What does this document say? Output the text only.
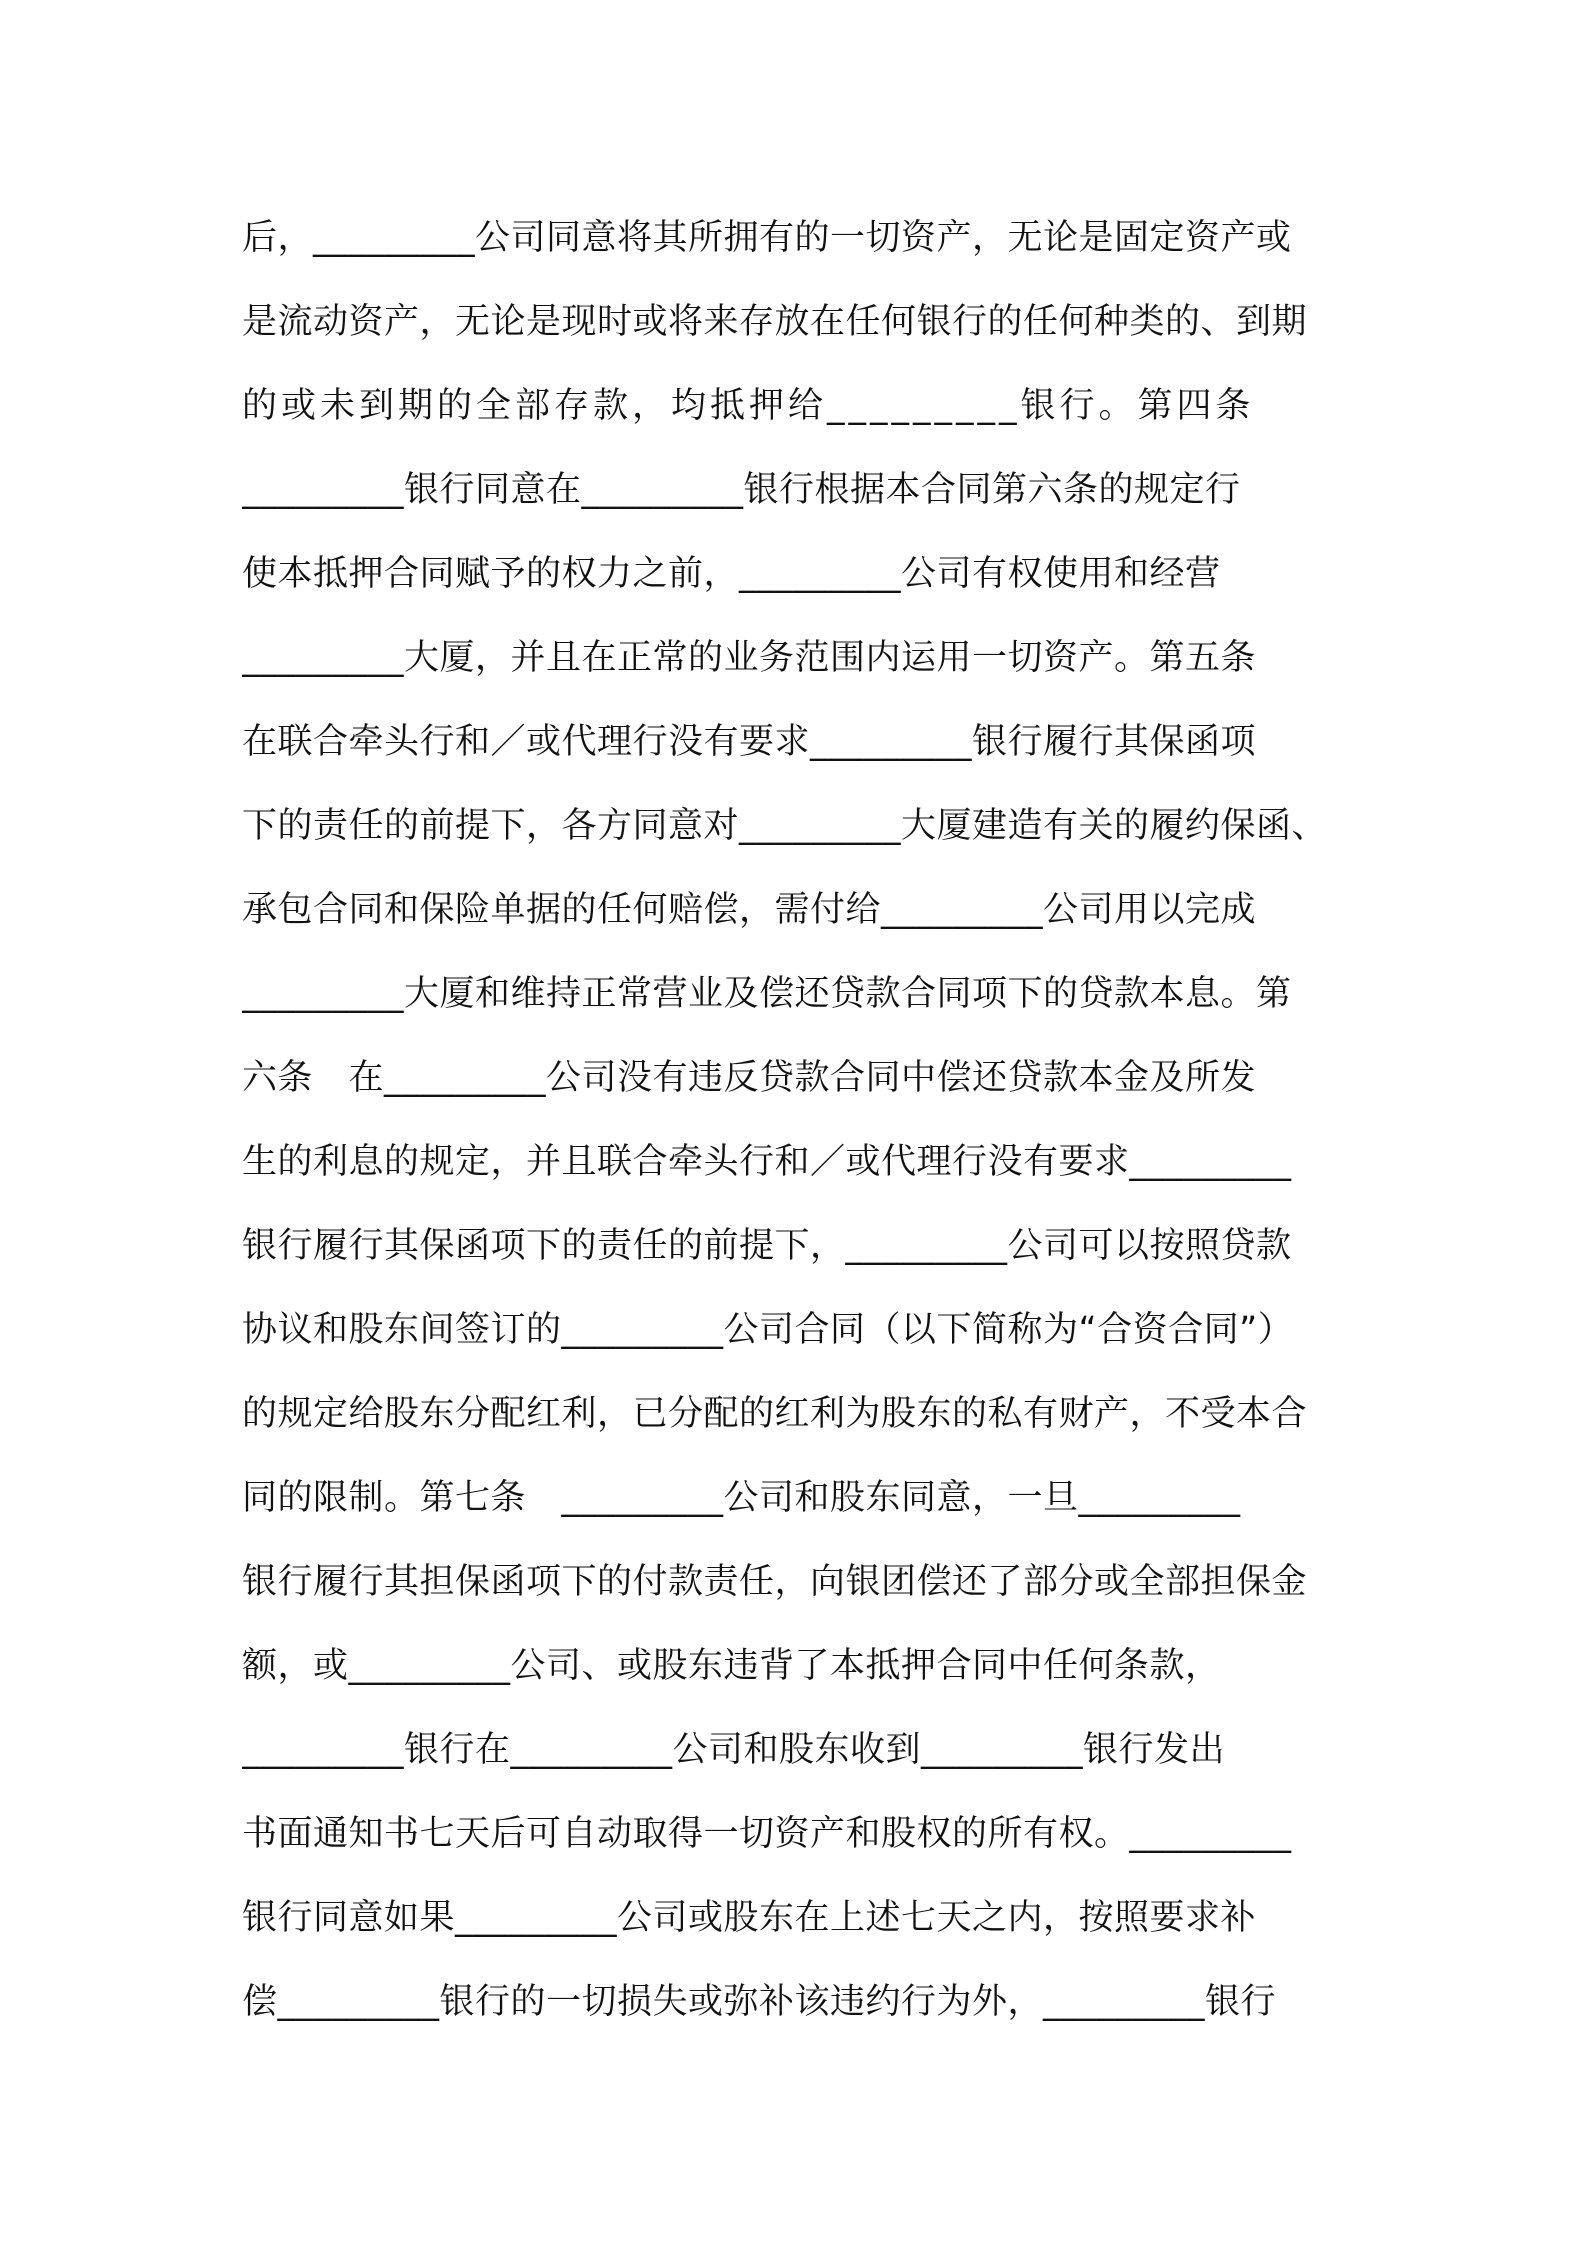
后，_________公司同意将其所拥有的一切资产，无论是固定资产或
是流动资产，无论是现时或将来存放在任何银行的任何种类的、到期
的或未到期的全部存款，均抵押给_________银行。第四条
_________银行同意在_________银行根据本合同第六条的规定行
使本抵押合同赋予的权力之前，_________公司有权使用和经营
_________大厦，并且在正常的业务范围内运用一切资产。第五条
在联合牵头行和／或代理行没有要求_________银行履行其保函项
下的责任的前提下，各方同意对_________大厦建造有关的履约保函、
承包合同和保险单据的任何赔偿，需付给_________公司用以完成
_________大厦和维持正常营业及偿还贷款合同项下的贷款本息。第
六条　在_________公司没有违反贷款合同中偿还贷款本金及所发
生的利息的规定，并且联合牵头行和／或代理行没有要求_________
银行履行其保函项下的责任的前提下，_________公司可以按照贷款
协议和股东间签订的_________公司合同（以下简称为“合资合同”）
的规定给股东分配红利，已分配的红利为股东的私有财产，不受本合
同的限制。第七条　_________公司和股东同意，一旦_________
银行履行其担保函项下的付款责任，向银团偿还了部分或全部担保金
额，或_________公司、或股东违背了本抵押合同中任何条款，
_________银行在_________公司和股东收到_________银行发出
书面通知书七天后可自动取得一切资产和股权的所有权。_________
银行同意如果_________公司或股东在上述七天之内，按照要求补
偿_________银行的一切损失或弥补该违约行为外，_________银行
